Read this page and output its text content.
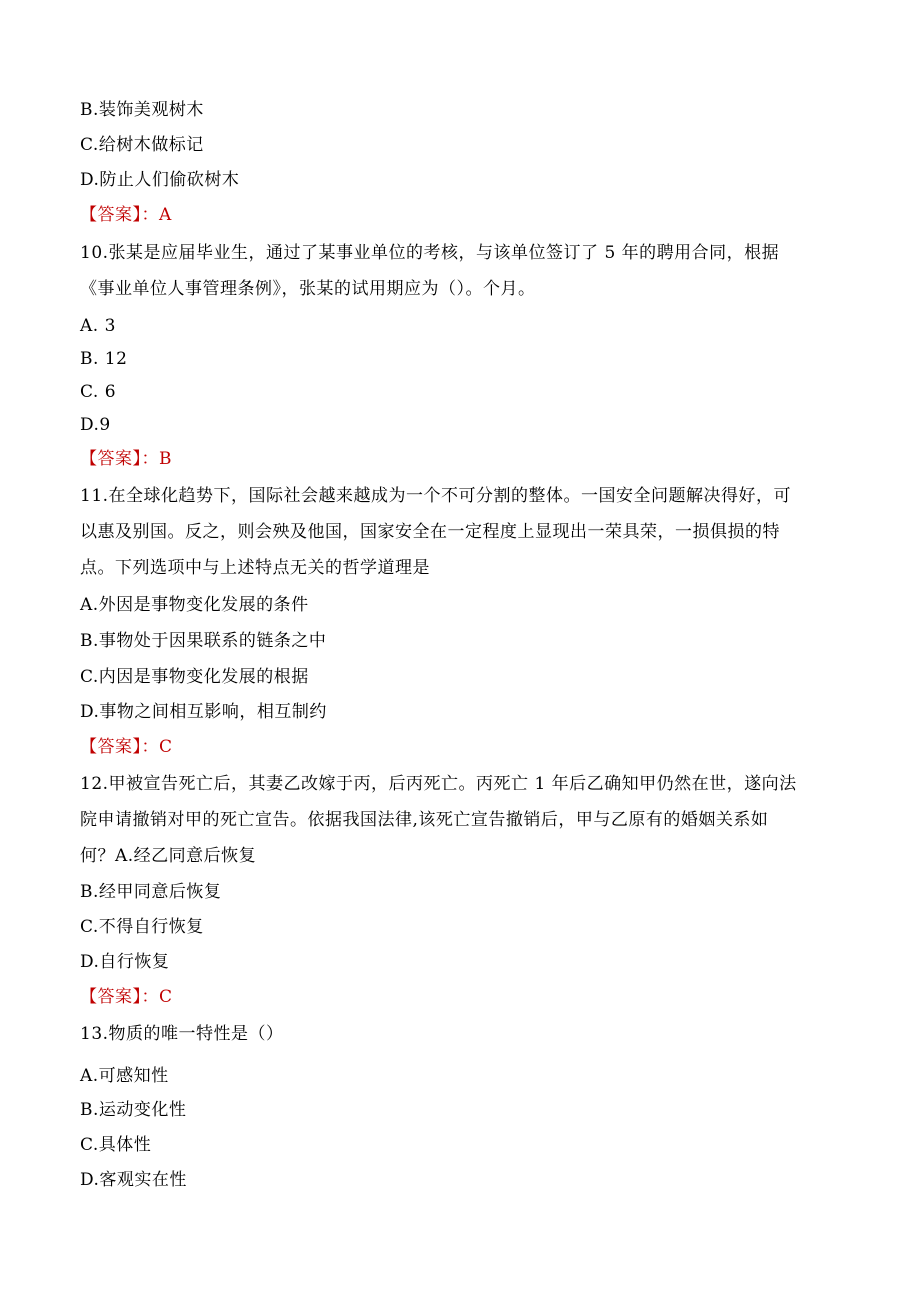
B.装饰美观树木
C.给树木做标记
D.防止人们偷砍树木
【答案】：A
10.张某是应届毕业生，通过了某事业单位的考核，与该单位签订了 5 年的聘用合同，根据
《事业单位人事管理条例》，张某的试用期应为（）。个月。
A. 3
B. 12
C. 6
D.9
【答案】：B
11.在全球化趋势下，国际社会越来越成为一个不可分割的整体。一国安全问题解决得好，可
以惠及别国。反之，则会殃及他国，国家安全在一定程度上显现出一荣具荣，一损俱损的特
点。下列选项中与上述特点无关的哲学道理是
A.外因是事物变化发展的条件
B.事物处于因果联系的链条之中
C.内因是事物变化发展的根据
D.事物之间相互影响，相互制约
【答案】：C
12.甲被宣告死亡后，其妻乙改嫁于丙，后丙死亡。丙死亡 1 年后乙确知甲仍然在世，遂向法
院申请撤销对甲的死亡宣告。依据我国法律,该死亡宣告撤销后，甲与乙原有的婚姻关系如
何？A.经乙同意后恢复
B.经甲同意后恢复
C.不得自行恢复
D.自行恢复
【答案】：C
13.物质的唯一特性是（）
A.可感知性
B.运动变化性
C.具体性
D.客观实在性
